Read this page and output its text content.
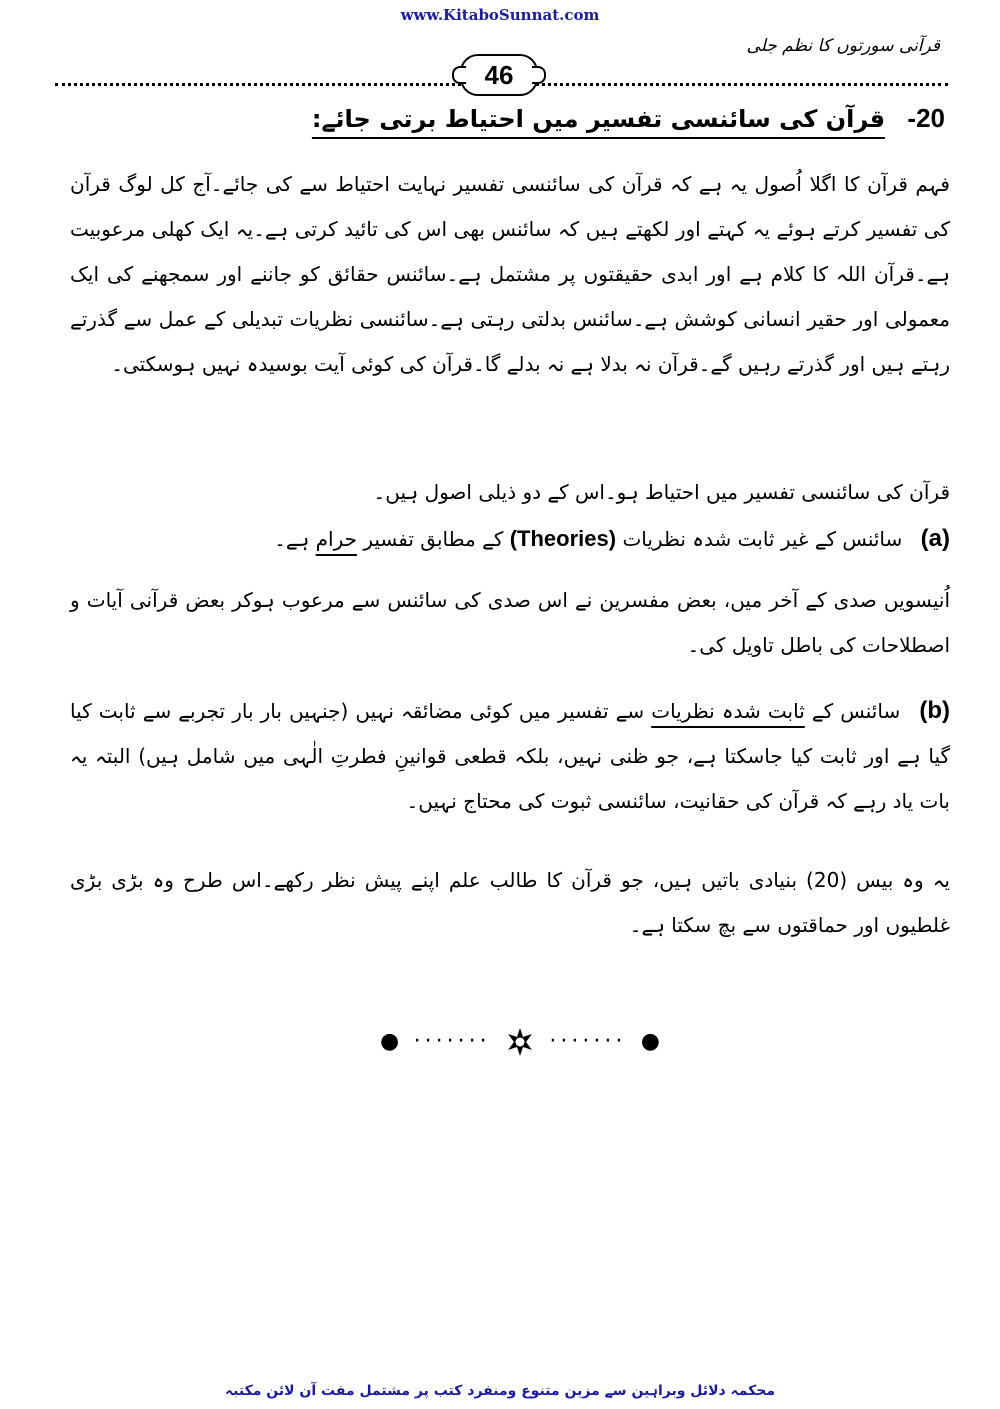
www.KitaboSunnat.com
قرآنی سورتوں کا نظم جلی
46
20- قرآن کی سائنسی تفسیر میں احتیاط برتی جائے:
فہم قرآن کا اگلا اُصول یہ ہے کہ قرآن کی سائنسی تفسیر نہایت احتیاط سے کی جائے۔آج کل لوگ قرآن کی تفسیر کرتے ہوئے یہ کہتے اور لکھتے ہیں کہ سائنس بھی اس کی تائید کرتی ہے۔یہ ایک کھلی مرعوبیت ہے۔قرآن اللہ کا کلام ہے اور ابدی حقیقتوں پر مشتمل ہے۔سائنس حقائق کو جاننے اور سمجھنے کی ایک معمولی اور حقیر انسانی کوشش ہے۔سائنس بدلتی رہتی ہے۔سائنسی نظریات تبدیلی کے عمل سے گذرتے رہتے ہیں اور گذرتے رہیں گے۔قرآن نہ بدلا ہے نہ بدلے گا۔قرآن کی کوئی آیت بوسیدہ نہیں ہوسکتی۔
قرآن کی سائنسی تفسیر میں احتیاط ہو۔اس کے دو ذیلی اصول ہیں۔
(a) سائنس کے غیر ثابت شدہ نظریات (Theories) کے مطابق تفسیر حرام ہے۔
اُنیسویں صدی کے آخر میں، بعض مفسرین نے اس صدی کی سائنس سے مرعوب ہوکر بعض قرآنی آیات و اصطلاحات کی باطل تاویل کی۔
(b) سائنس کے ثابت شدہ نظریات سے تفسیر میں کوئی مضائقہ نہیں (جنہیں بار بار تجربے سے ثابت کیا گیا ہے اور ثابت کیا جاسکتا ہے، جو ظنی نہیں، بلکہ قطعی قوانینِ فطرتِ الٰہی میں شامل ہیں) البتہ یہ بات یاد رہے کہ قرآن کی حقانیت، سائنسی ثبوت کی محتاج نہیں۔
یہ وہ بیس (20) بنیادی باتیں ہیں، جو قرآن کا طالب علم اپنے پیش نظر رکھے۔اس طرح وہ بڑی بڑی غلطیوں اور حماقتوں سے بچ سکتا ہے۔
● ·······	······· ●
محکمہ دلائل وبراہین سے مزین متنوع ومنفرد کتب پر مشتمل مفت آن لائن مکتبہ
